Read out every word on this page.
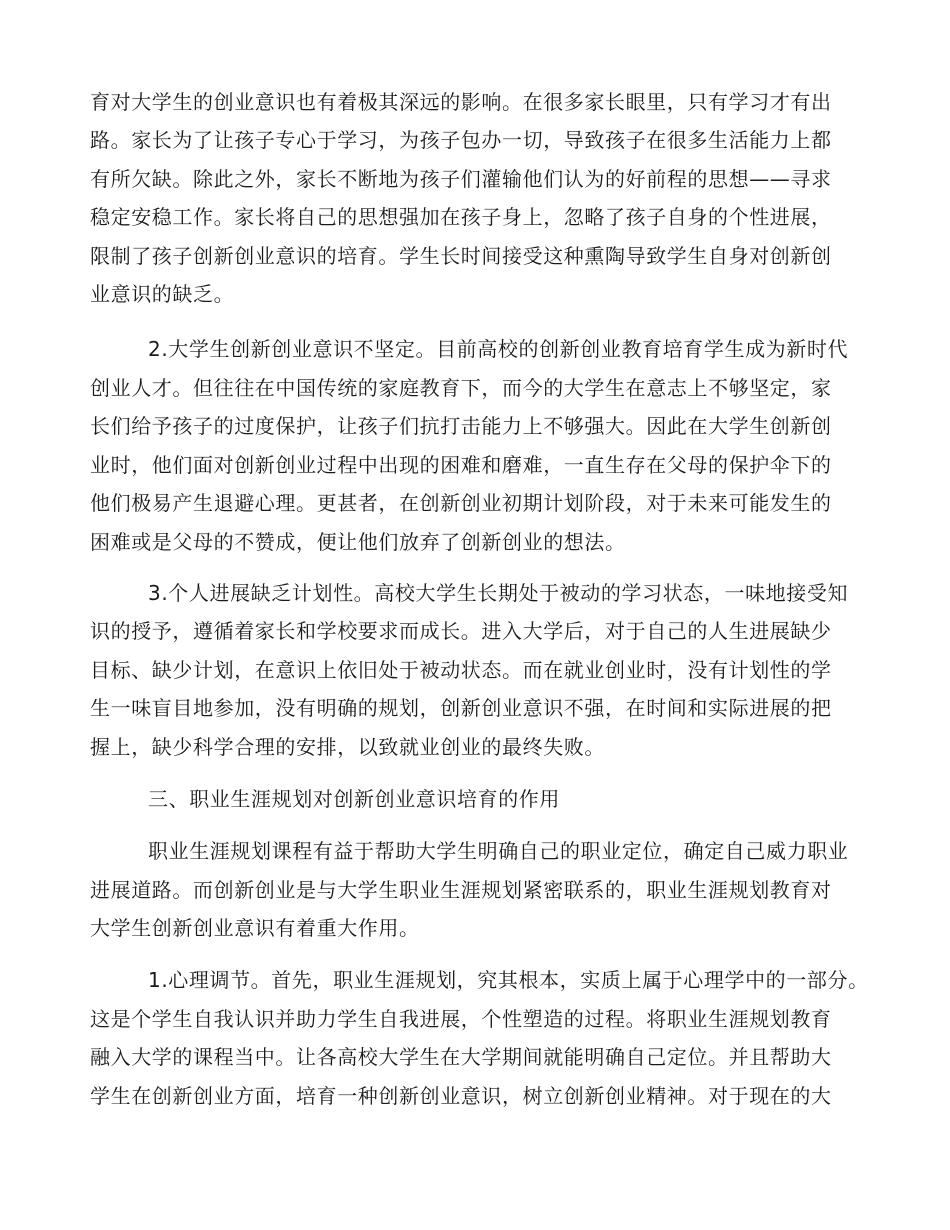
育对大学生的创业意识也有着极其深远的影响。在很多家长眼里，只有学习才有出
路。家长为了让孩子专心于学习，为孩子包办一切，导致孩子在很多生活能力上都
有所欠缺。除此之外，家长不断地为孩子们灌输他们认为的好前程的思想——寻求
稳定安稳工作。家长将自己的思想强加在孩子身上，忽略了孩子自身的个性进展，
限制了孩子创新创业意识的培育。学生长时间接受这种熏陶导致学生自身对创新创
业意识的缺乏。
2.大学生创新创业意识不坚定。目前高校的创新创业教育培育学生成为新时代
创业人才。但往往在中国传统的家庭教育下，而今的大学生在意志上不够坚定，家
长们给予孩子的过度保护，让孩子们抗打击能力上不够强大。因此在大学生创新创
业时，他们面对创新创业过程中出现的困难和磨难，一直生存在父母的保护伞下的
他们极易产生退避心理。更甚者，在创新创业初期计划阶段，对于未来可能发生的
困难或是父母的不赞成，便让他们放弃了创新创业的想法。
3.个人进展缺乏计划性。高校大学生长期处于被动的学习状态，一味地接受知
识的授予，遵循着家长和学校要求而成长。进入大学后，对于自己的人生进展缺少
目标、缺少计划，在意识上依旧处于被动状态。而在就业创业时，没有计划性的学
生一味盲目地参加，没有明确的规划，创新创业意识不强，在时间和实际进展的把
握上，缺少科学合理的安排，以致就业创业的最终失败。
三、职业生涯规划对创新创业意识培育的作用
职业生涯规划课程有益于帮助大学生明确自己的职业定位，确定自己威力职业
进展道路。而创新创业是与大学生职业生涯规划紧密联系的，职业生涯规划教育对
大学生创新创业意识有着重大作用。
1.心理调节。首先，职业生涯规划，究其根本，实质上属于心理学中的一部分。
这是个学生自我认识并助力学生自我进展，个性塑造的过程。将职业生涯规划教育
融入大学的课程当中。让各高校大学生在大学期间就能明确自己定位。并且帮助大
学生在创新创业方面，培育一种创新创业意识，树立创新创业精神。对于现在的大
